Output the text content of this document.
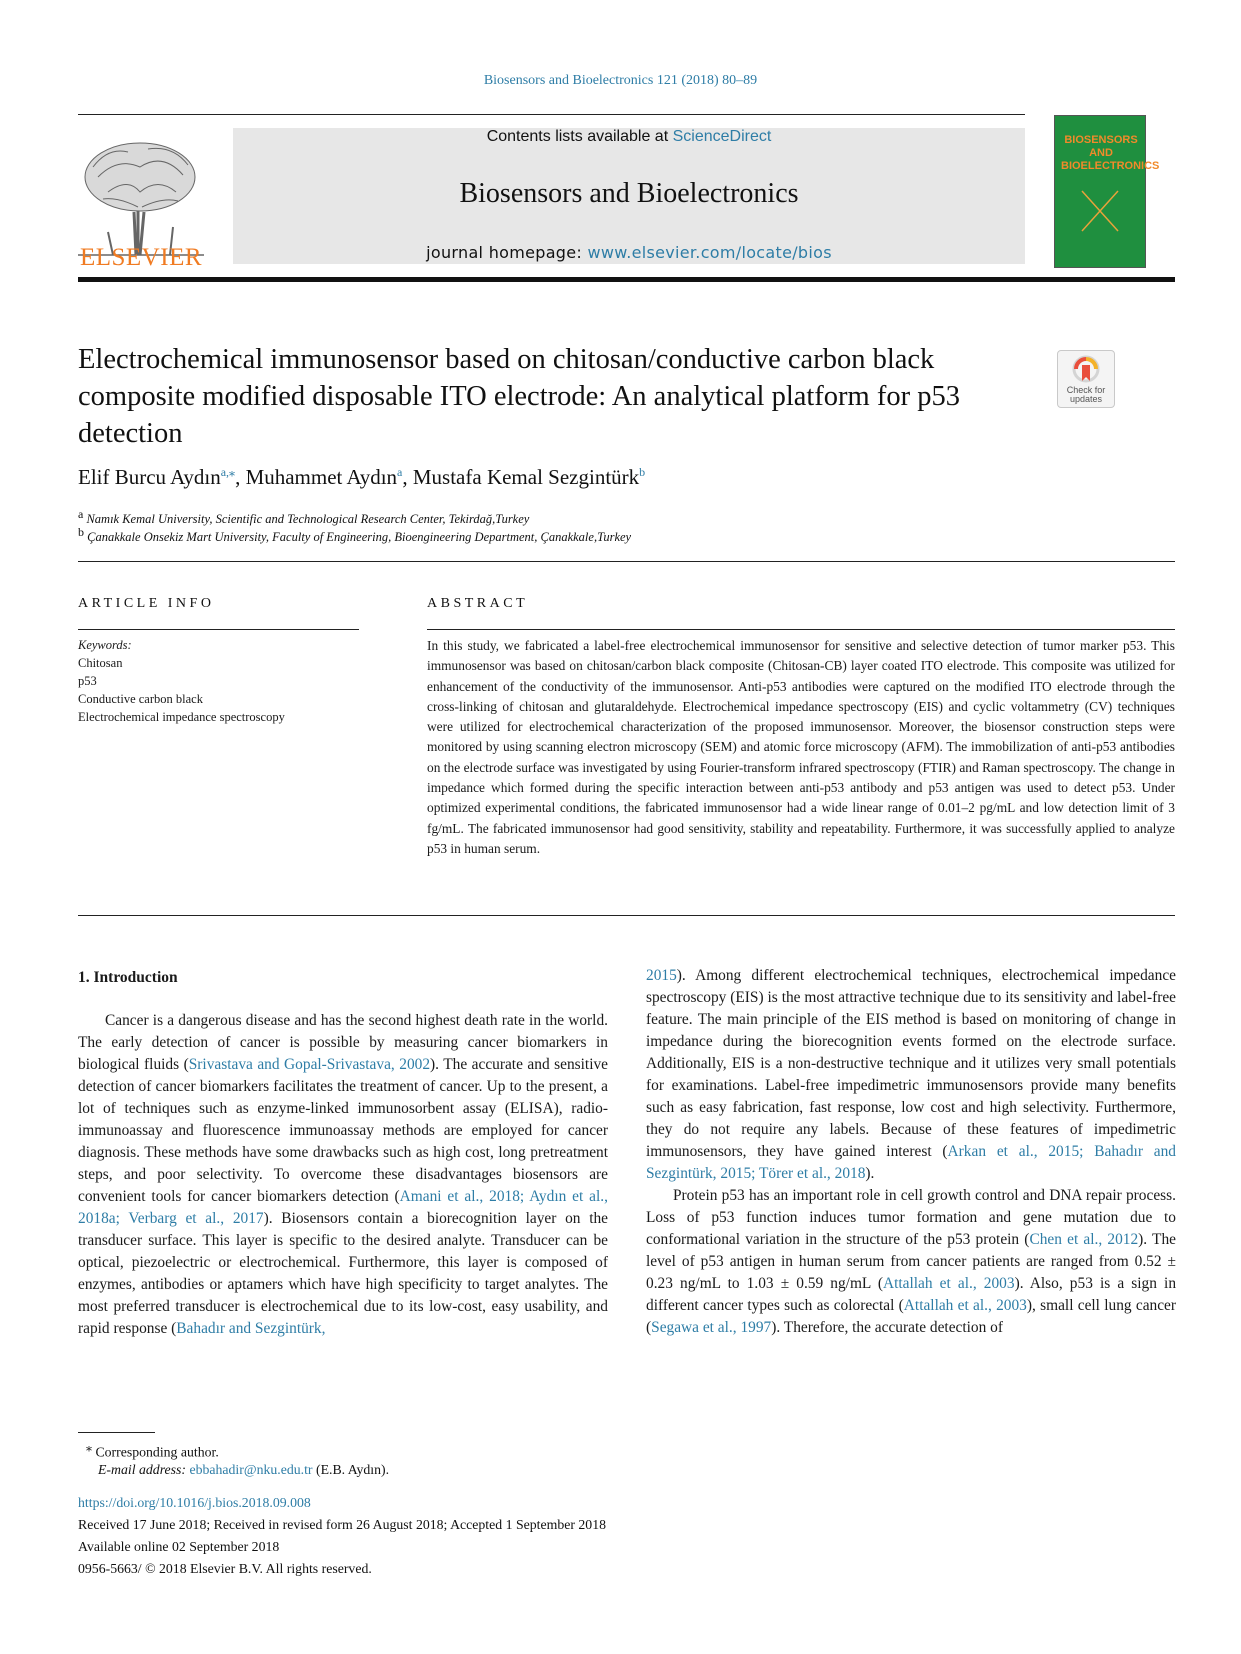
Biosensors and Bioelectronics 121 (2018) 80–89
ELSEVIER
Contents lists available at ScienceDirect
Biosensors and Bioelectronics
journal homepage: www.elsevier.com/locate/bios
BIOSENSORS AND BIOELECTRONICS
Electrochemical immunosensor based on chitosan/conductive carbon black composite modified disposable ITO electrode: An analytical platform for p53 detection
Check for updates
Elif Burcu Aydın$^{a,⁎}$, Muhammet Aydın$^a$, Mustafa Kemal Sezgintürk$^b$
$^a$ Namık Kemal University, Scientific and Technological Research Center, Tekirdağ,Turkey
$^b$ Çanakkale Onsekiz Mart University, Faculty of Engineering, Bioengineering Department, Çanakkale,Turkey
ARTICLE INFO	ABSTRACT
Keywords:
Chitosan
p53
Conductive carbon black
Electrochemical impedance spectroscopy
In this study, we fabricated a label-free electrochemical immunosensor for sensitive and selective detection of tumor marker p53. This immunosensor was based on chitosan/carbon black composite (Chitosan-CB) layer coated ITO electrode. This composite was utilized for enhancement of the conductivity of the immunosensor. Anti-p53 antibodies were captured on the modified ITO electrode through the cross-linking of chitosan and glutaraldehyde. Electrochemical impedance spectroscopy (EIS) and cyclic voltammetry (CV) techniques were utilized for electrochemical characterization of the proposed immunosensor. Moreover, the biosensor construction steps were monitored by using scanning electron microscopy (SEM) and atomic force microscopy (AFM). The immobilization of anti-p53 antibodies on the electrode surface was investigated by using Fourier-transform infrared spectroscopy (FTIR) and Raman spectroscopy. The change in impedance which formed during the specific interaction between anti-p53 antibody and p53 antigen was used to detect p53. Under optimized experimental conditions, the fabricated immunosensor had a wide linear range of 0.01–2 pg/mL and low detection limit of 3 fg/mL. The fabricated immunosensor had good sensitivity, stability and repeatability. Furthermore, it was successfully applied to analyze p53 in human serum.
1. Introduction

Cancer is a dangerous disease and has the second highest death rate in the world. The early detection of cancer is possible by measuring cancer biomarkers in biological fluids (Srivastava and Gopal-Srivastava, 2002). The accurate and sensitive detection of cancer biomarkers facilitates the treatment of cancer. Up to the present, a lot of techniques such as enzyme-linked immunosorbent assay (ELISA), radio-immunoassay and fluorescence immunoassay methods are employed for cancer diagnosis. These methods have some drawbacks such as high cost, long pretreatment steps, and poor selectivity. To overcome these disadvantages biosensors are convenient tools for cancer biomarkers detection (Amani et al., 2018; Aydın et al., 2018a; Verbarg et al., 2017). Biosensors contain a biorecognition layer on the transducer surface. This layer is specific to the desired analyte. Transducer can be optical, piezoelectric or electrochemical. Furthermore, this layer is composed of enzymes, antibodies or aptamers which have high specificity to target analytes. The most preferred transducer is electrochemical due to its low-cost, easy usability, and rapid response (Bahadır and Sezgintürk,

2015). Among different electrochemical techniques, electrochemical impedance spectroscopy (EIS) is the most attractive technique due to its sensitivity and label-free feature. The main principle of the EIS method is based on monitoring of change in impedance during the biorecognition events formed on the electrode surface. Additionally, EIS is a non-destructive technique and it utilizes very small potentials for examinations. Label-free impedimetric immunosensors provide many benefits such as easy fabrication, fast response, low cost and high selectivity. Furthermore, they do not require any labels. Because of these features of impedimetric immunosensors, they have gained interest (Arkan et al., 2015; Bahadır and Sezgintürk, 2015; Törer et al., 2018).

Protein p53 has an important role in cell growth control and DNA repair process. Loss of p53 function induces tumor formation and gene mutation due to conformational variation in the structure of the p53 protein (Chen et al., 2012). The level of p53 antigen in human serum from cancer patients are ranged from 0.52 ± 0.23 ng/mL to 1.03 ± 0.59 ng/mL (Attallah et al., 2003). Also, p53 is a sign in different cancer types such as colorectal (Attallah et al., 2003), small cell lung cancer (Segawa et al., 1997). Therefore, the accurate detection of

⁎ Corresponding author.
E-mail address: ebbahadir@nku.edu.tr (E.B. Aydın).
https://doi.org/10.1016/j.bios.2018.09.008
Received 17 June 2018; Received in revised form 26 August 2018; Accepted 1 September 2018
Available online 02 September 2018
0956-5663/ © 2018 Elsevier B.V. All rights reserved.
